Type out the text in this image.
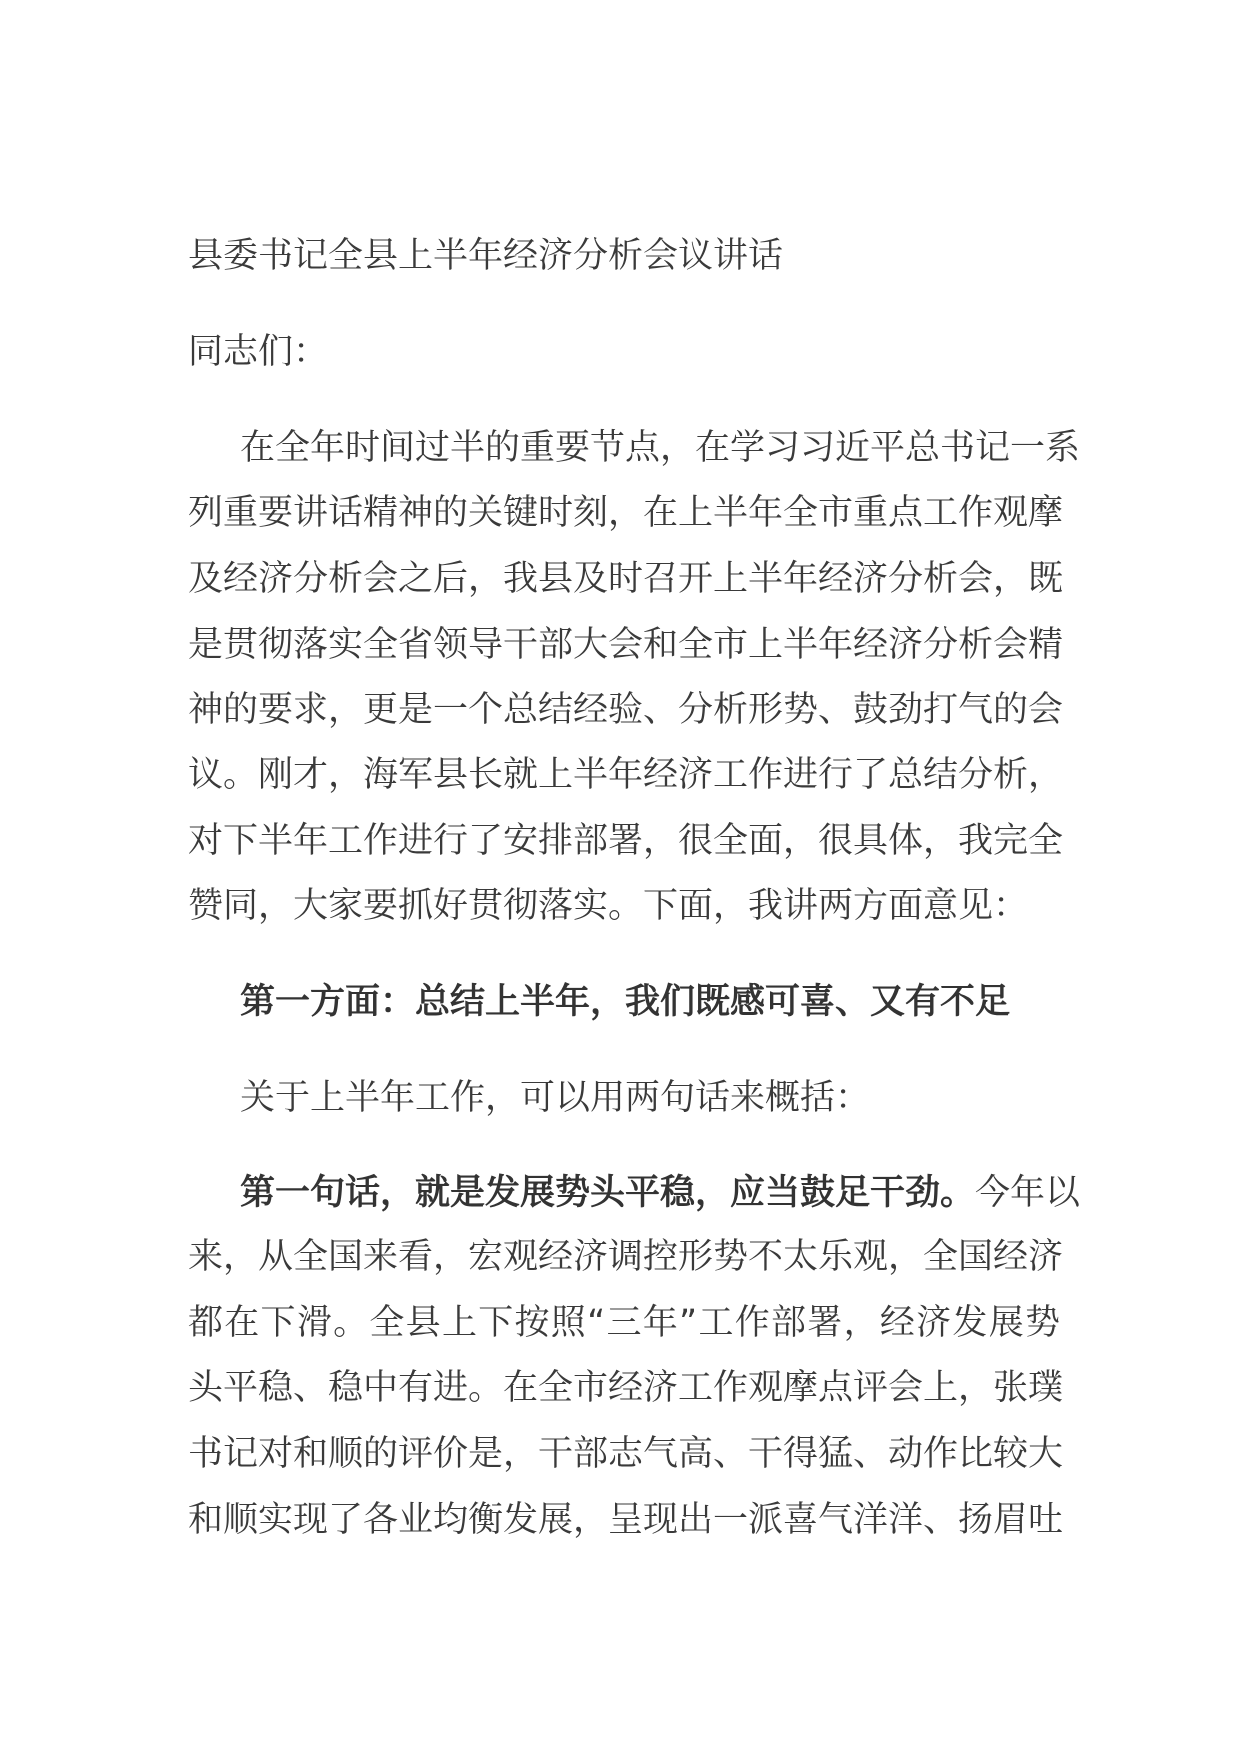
县委书记全县上半年经济分析会议讲话
同志们：
在全年时间过半的重要节点，在学习习近平总书记一系
列重要讲话精神的关键时刻，在上半年全市重点工作观摩
及经济分析会之后，我县及时召开上半年经济分析会，既
是贯彻落实全省领导干部大会和全市上半年经济分析会精
神的要求，更是一个总结经验、分析形势、鼓劲打气的会
议。刚才，海军县长就上半年经济工作进行了总结分析，
对下半年工作进行了安排部署，很全面，很具体，我完全
赞同，大家要抓好贯彻落实。下面，我讲两方面意见：
第一方面：总结上半年，我们既感可喜、又有不足
关于上半年工作，可以用两句话来概括：
第一句话，就是发展势头平稳，应当鼓足干劲。今年以
来，从全国来看，宏观经济调控形势不太乐观，全国经济
都在下滑。全县上下按照“三年”工作部署，经济发展势
头平稳、稳中有进。在全市经济工作观摩点评会上，张璞
书记对和顺的评价是，干部志气高、干得猛、动作比较大
和顺实现了各业均衡发展，呈现出一派喜气洋洋、扬眉吐
